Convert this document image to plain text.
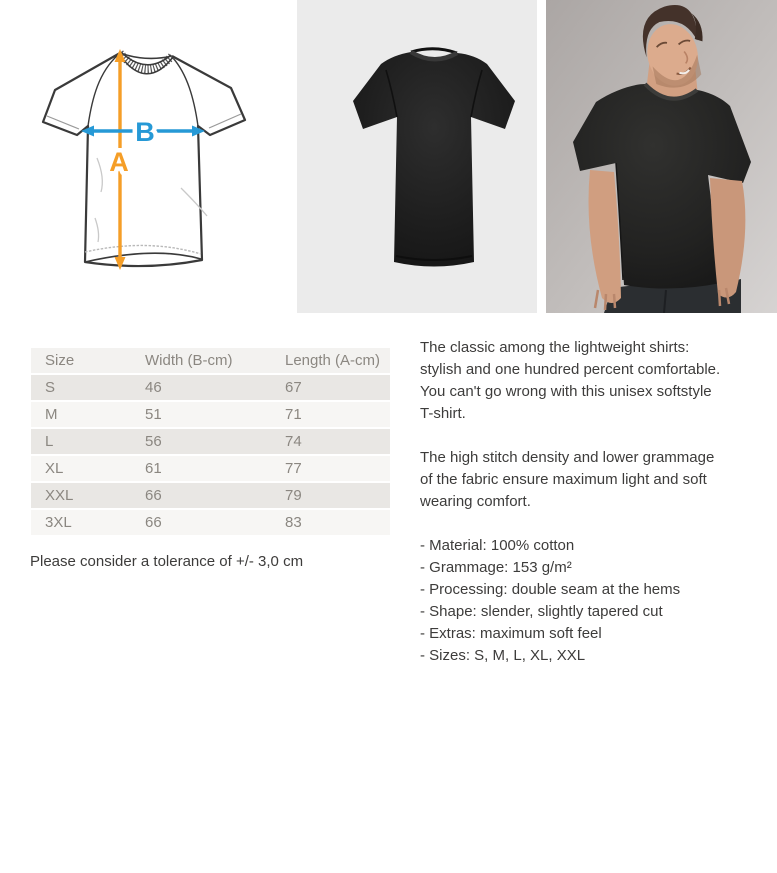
B
A
Size	Width (B-cm)	Length (A-cm)
S	46	67
M	51	71
L	56	74
XL	61	77
XXL	66	79
3XL	66	83
Please consider a tolerance of +/- 3,0 cm
The classic among the lightweight shirts:
stylish and one hundred percent comfortable.
You can't go wrong with this unisex softstyle
T-shirt.
The high stitch density and lower grammage
of the fabric ensure maximum light and soft
wearing comfort.
- Material: 100% cotton
- Grammage: 153 g/m²
- Processing: double seam at the hems
- Shape: slender, slightly tapered cut
- Extras: maximum soft feel
- Sizes: S, M, L, XL, XXL
